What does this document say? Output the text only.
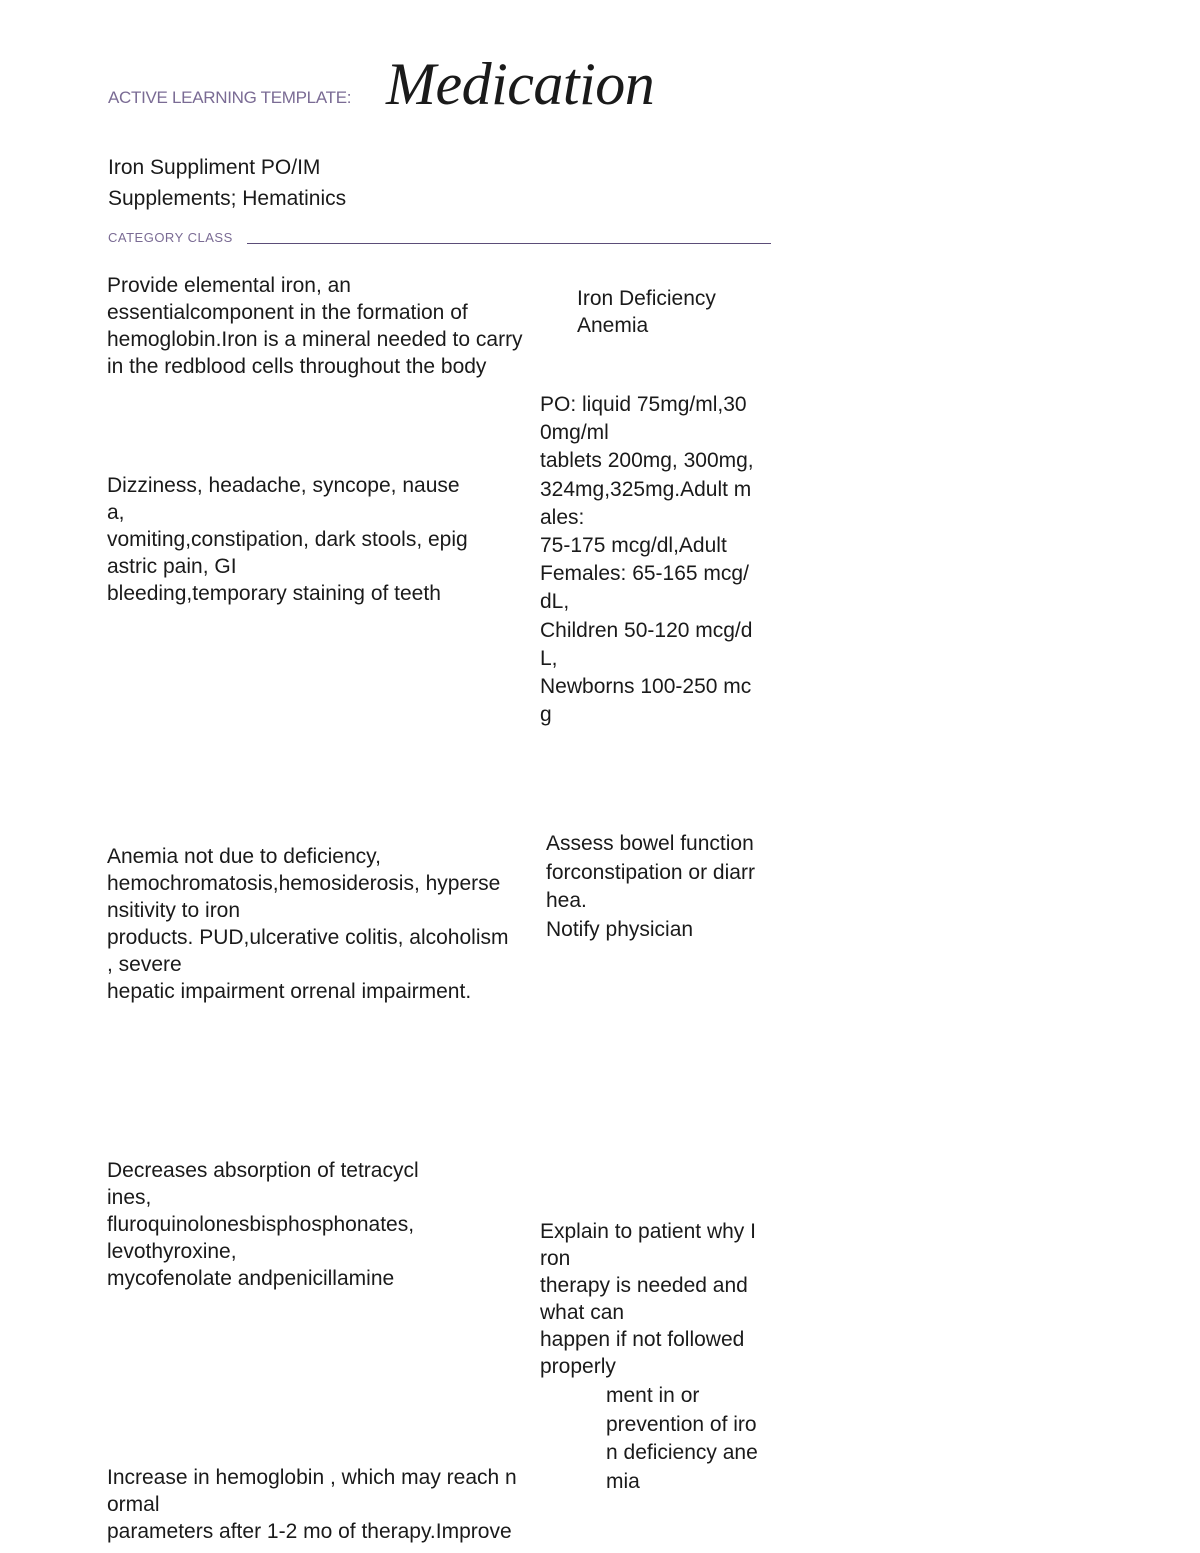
ACTIVE LEARNING TEMPLATE: Medication
Iron Suppliment PO/IM
Supplements; Hematinics
CATEGORY CLASS
Provide elemental iron, an
essentialcomponent in the formation of
hemoglobin.Iron is a mineral needed to carry
in the redblood cells throughout the body
Iron Deficiency
Anemia
PO: liquid 75mg/ml,30
0mg/ml
tablets 200mg, 300mg,
324mg,325mg.Adult m
ales:
75-175 mcg/dl,Adult
Females: 65-165 mcg/
dL,
Children 50-120 mcg/d
L,
Newborns 100-250 mc
g
Dizziness, headache, syncope, nause
a,
vomiting,constipation, dark stools, epig
astric pain, GI
bleeding,temporary staining of teeth
Anemia not due to deficiency,
hemochromatosis,hemosiderosis, hyperse
nsitivity to iron
products. PUD,ulcerative colitis, alcoholism
, severe
hepatic impairment orrenal impairment.
Assess bowel function
forconstipation or diarr
hea.
Notify physician
Decreases absorption of tetracycl
ines,
fluroquinolonesbisphosphonates,
levothyroxine,
mycofenolate andpenicillamine
Explain to patient why I
ron
therapy is needed and
what can
happen if not followed
properly
ment in or
prevention of iro
n deficiency ane
mia
Increase in hemoglobin , which may reach n
ormal
parameters after 1-2 mo of therapy.Improve
